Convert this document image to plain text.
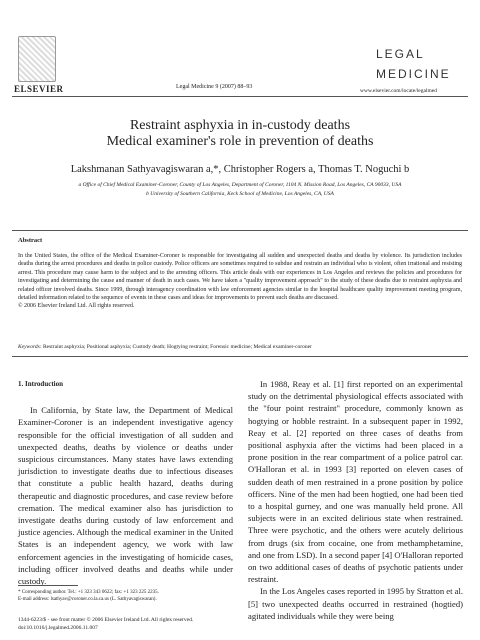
ELSEVIER	Legal Medicine 9 (2007) 88–93
LEGAL
MEDICINE
www.elsevier.com/locate/legalmed
Restraint asphyxia in in-custody deaths
Medical examiner's role in prevention of deaths
Lakshmanan Sathyavagiswaran a,*, Christopher Rogers a, Thomas T. Noguchi b
a Office of Chief Medical Examiner-Coroner, County of Los Angeles, Department of Coroner, 1104 N. Mission Road, Los Angeles, CA 90033, USA
b University of Southern California, Keck School of Medicine, Los Angeles, CA, USA
Abstract
In the United States, the office of the Medical Examiner-Coroner is responsible for investigating all sudden and unexpected deaths and deaths by violence. Its jurisdiction includes deaths during the arrest procedures and deaths in police custody. Police officers are sometimes required to subdue and restrain an individual who is violent, often irrational and resisting arrest. This procedure may cause harm to the subject and to the arresting officers. This article deals with our experiences in Los Angeles and reviews the policies and procedures for investigating and determining the cause and manner of death in such cases. We have taken a "quality improvement approach" to the study of these deaths due to restraint asphyxia and related officer involved deaths. Since 1999, through interagency coordination with law enforcement agencies similar to the hospital healthcare quality improvement meeting program, detailed information related to the sequence of events in these cases and ideas for improvements to prevent such deaths are discussed.
© 2006 Elsevier Ireland Ltd. All rights reserved.
Keywords: Restraint asphyxia; Positional asphyxia; Custody death; Hogtying restraint; Forensic medicine; Medical examiner-coroner
1. Introduction

In California, by State law, the Department of Medical Examiner-Coroner is an independent investigative agency responsible for the official investigation of all sudden and unexpected deaths, deaths by violence or deaths under suspicious circumstances. Many states have laws extending jurisdiction to investigate deaths due to infectious diseases that constitute a public health hazard, deaths during therapeutic and diagnostic procedures, and case review before cremation. The medical examiner also has jurisdiction to investigate deaths during custody of law enforcement and justice agencies. Although the medical examiner in the United States is an independent agency, we work with law enforcement agencies in the investigating of homicide cases, including officer involved deaths and deaths while under custody.

In 1988, Reay et al. [1] first reported on an experimental study on the detrimental physiological effects associated with the "four point restraint" procedure, commonly known as hogtying or hobble restraint. In a subsequent paper in 1992, Reay et al. [2] reported on three cases of deaths from positional asphyxia after the victims had been placed in a prone position in the rear compartment of a police patrol car. O'Halloran et al. in 1993 [3] reported on eleven cases of sudden death of men restrained in a prone position by police officers. Nine of the men had been hogtied, one had been tied to a hospital gurney, and one was manually held prone. All subjects were in an excited delirious state when restrained. Three were psychotic, and the others were acutely delirious from drugs (six from cocaine, one from methamphetamine, and one from LSD). In a second paper [4] O'Halloran reported on two additional cases of deaths of psychotic patients under restraint.

In the Los Angeles cases reported in 1995 by Stratton et al. [5] two unexpected deaths occurred in restrained (hogtied) agitated individuals while they were being

* Corresponding author. Tel.: +1 323 343 0622; fax: +1 323 225 2235.
E-mail address: lsathyav@coroner.co.la.ca.us (L. Sathyavagiswaran).
1344-6223/$ - see front matter © 2006 Elsevier Ireland Ltd. All rights reserved.
doi:10.1016/j.legalmed.2006.11.007
